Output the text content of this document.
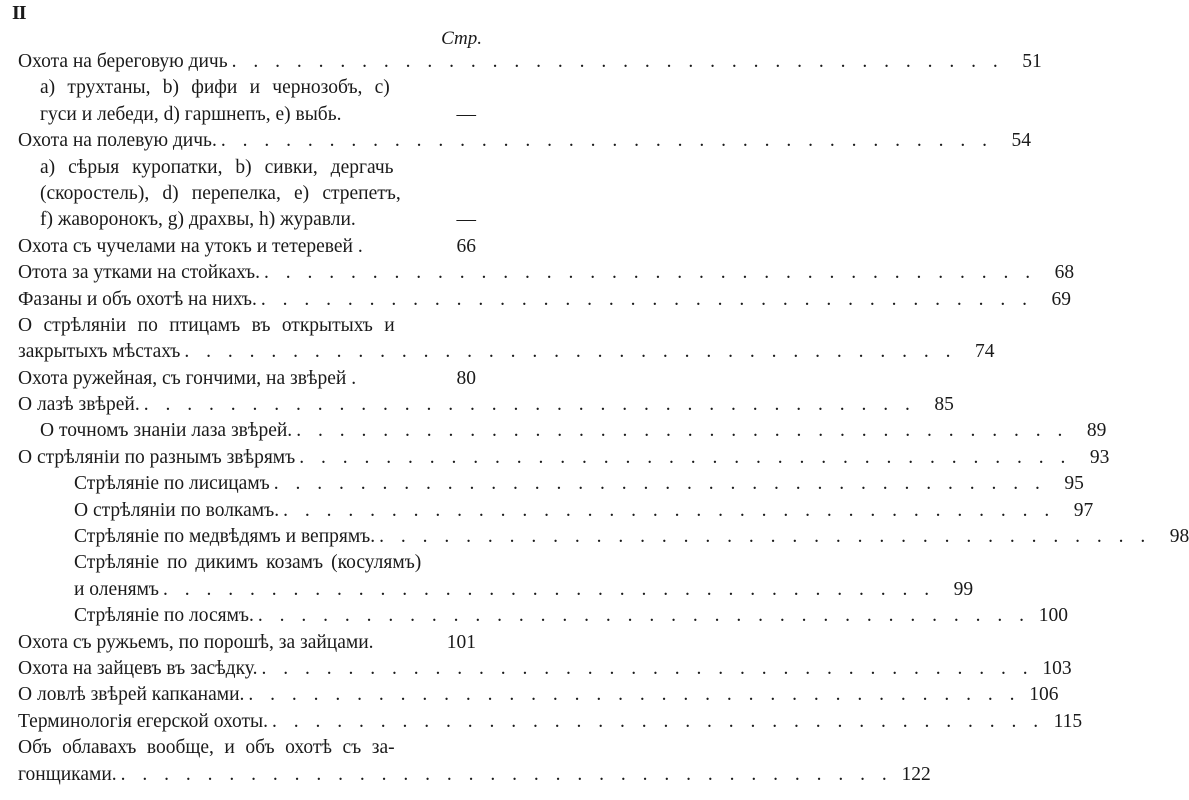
II
Стр.
Охота на береговую дичь . . .	51
а) трухтаны, b) фифи и чернозобъ, с)
гуси и лебеди, d) гаршнепъ, е) выбь.	—
Охота на полевую дичь. . . .	54
а) сѣрыя куропатки, b) сивки, дергачь
(скоростель), d) перепелка, е) стрепетъ,
f) жаворонокъ, g) драхвы, h) журавли.	—
Охота съ чучелами на утокъ и тетеревей .	66
Отота за утками на стойкахъ. . . .	68
Фазаны и объ охотѣ на нихъ. . . .	69
О стрѣляніи по птицамъ въ открытыхъ и
закрытыхъ мѣстахъ . . .	74
Охота ружейная, съ гончими, на звѣрей .	80
О лазѣ звѣрей. . . .	85
О точномъ знаніи лаза звѣрей. . . .	89
О стрѣляніи по разнымъ звѣрямъ . . .	93
Стрѣляніе по лисицамъ . . .	95
О стрѣляніи по волкамъ. . . .	97
Стрѣляніе по медвѣдямъ и вепрямъ. . . .	98
Стрѣляніе по дикимъ козамъ (косулямъ)
и оленямъ . . .	99
Стрѣляніе по лосямъ. . . .	100
Охота съ ружьемъ, по порошѣ, за зайцами.	101
Охота на зайцевъ въ засѣдку. . . .	103
О ловлѣ звѣрей капканами. . . .	106
Терминологія егерской охоты. . . .	115
Объ облавахъ вообще, и объ охотѣ съ за-
гонщиками. . . .	122
